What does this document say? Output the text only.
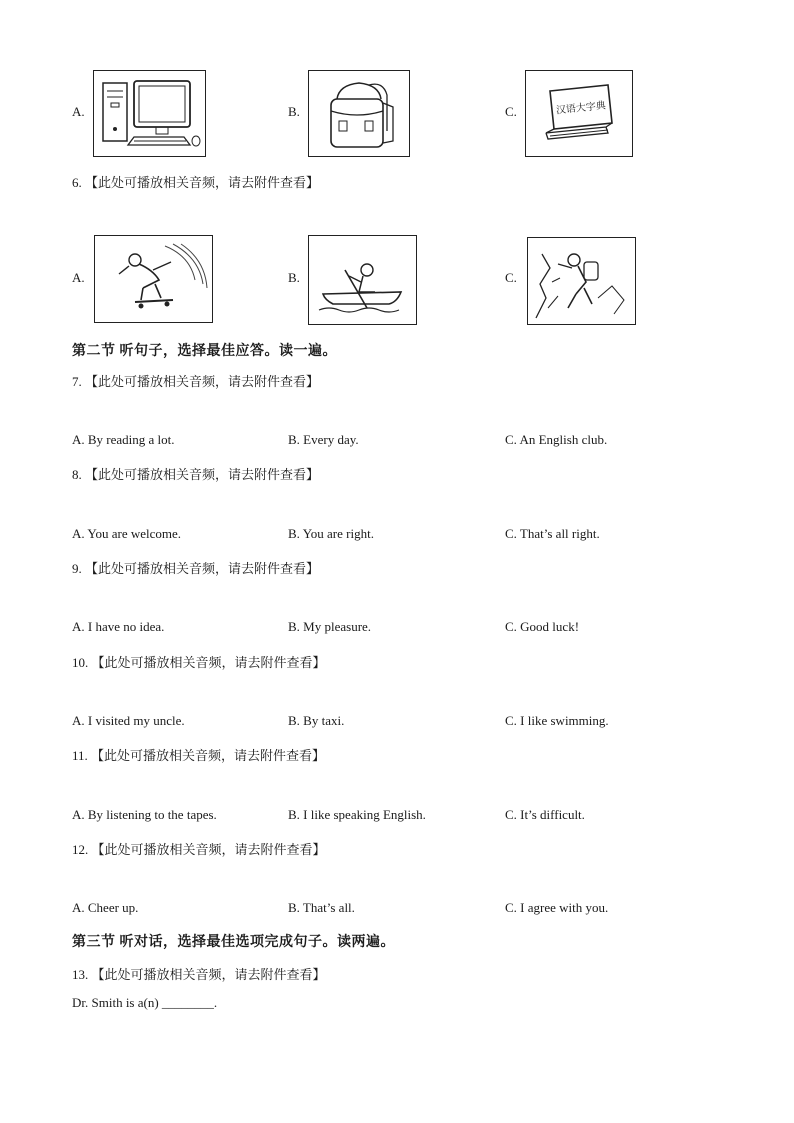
A.	B.	C.	汉语大字典
6. 【此处可播放相关音频，请去附件查看】
A.	B.	C.
第二节 听句子，选择最佳应答。读一遍。
7. 【此处可播放相关音频，请去附件查看】
A. By reading a lot.	B. Every day.	C. An English club.
8. 【此处可播放相关音频，请去附件查看】
A. You are welcome.	B. You are right.	C. That’s all right.
9. 【此处可播放相关音频，请去附件查看】
A. I have no idea.	B. My pleasure.	C. Good luck!
10. 【此处可播放相关音频，请去附件查看】
A. I visited my uncle.	B. By taxi.	C. I like swimming.
11. 【此处可播放相关音频，请去附件查看】
A. By listening to the tapes.	B. I like speaking English.	C. It’s difficult.
12. 【此处可播放相关音频，请去附件查看】
A. Cheer up.	B. That’s all.	C. I agree with you.
第三节 听对话，选择最佳选项完成句子。读两遍。
13. 【此处可播放相关音频，请去附件查看】
Dr. Smith is a(n) ________.
